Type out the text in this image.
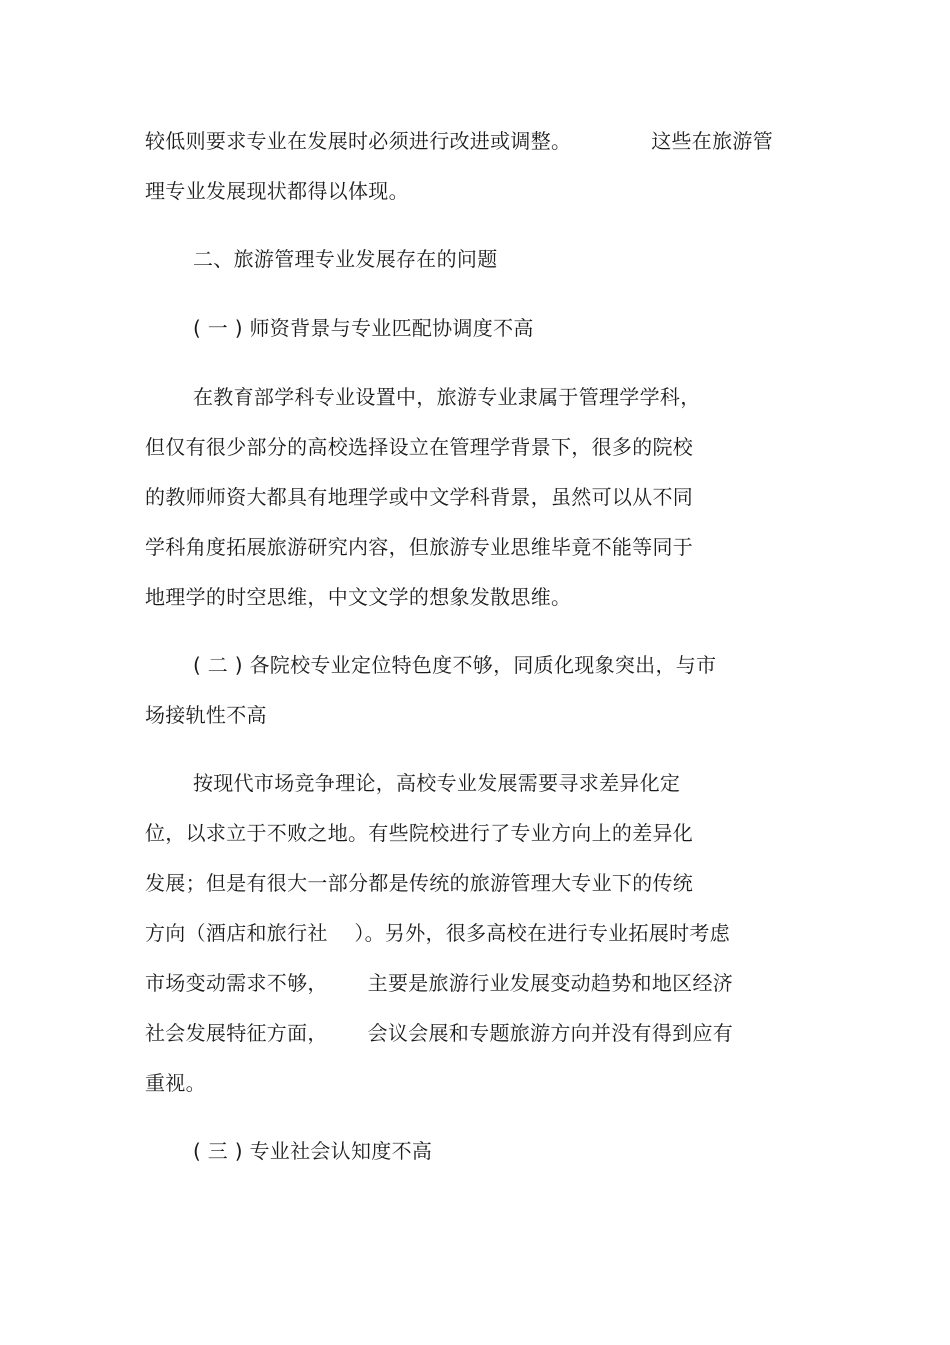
较低则要求专业在发展时必须进行改进或调整。            这些在旅游管
理专业发展现状都得以体现。
二、旅游管理专业发展存在的问题
( 一 ) 师资背景与专业匹配协调度不高
在教育部学科专业设置中，旅游专业隶属于管理学学科，
但仅有很少部分的高校选择设立在管理学背景下，很多的院校
的教师师资大都具有地理学或中文学科背景，虽然可以从不同
学科角度拓展旅游研究内容，但旅游专业思维毕竟不能等同于
地理学的时空思维，中文文学的想象发散思维。
( 二 ) 各院校专业定位特色度不够，同质化现象突出，与市
场接轨性不高
按现代市场竞争理论，高校专业发展需要寻求差异化定
位，以求立于不败之地。有些院校进行了专业方向上的差异化
发展；但是有很大一部分都是传统的旅游管理大专业下的传统
方向（酒店和旅行社    ）。另外，很多高校在进行专业拓展时考虑
市场变动需求不够，      主要是旅游行业发展变动趋势和地区经济
社会发展特征方面，      会议会展和专题旅游方向并没有得到应有
重视。
( 三 ) 专业社会认知度不高
